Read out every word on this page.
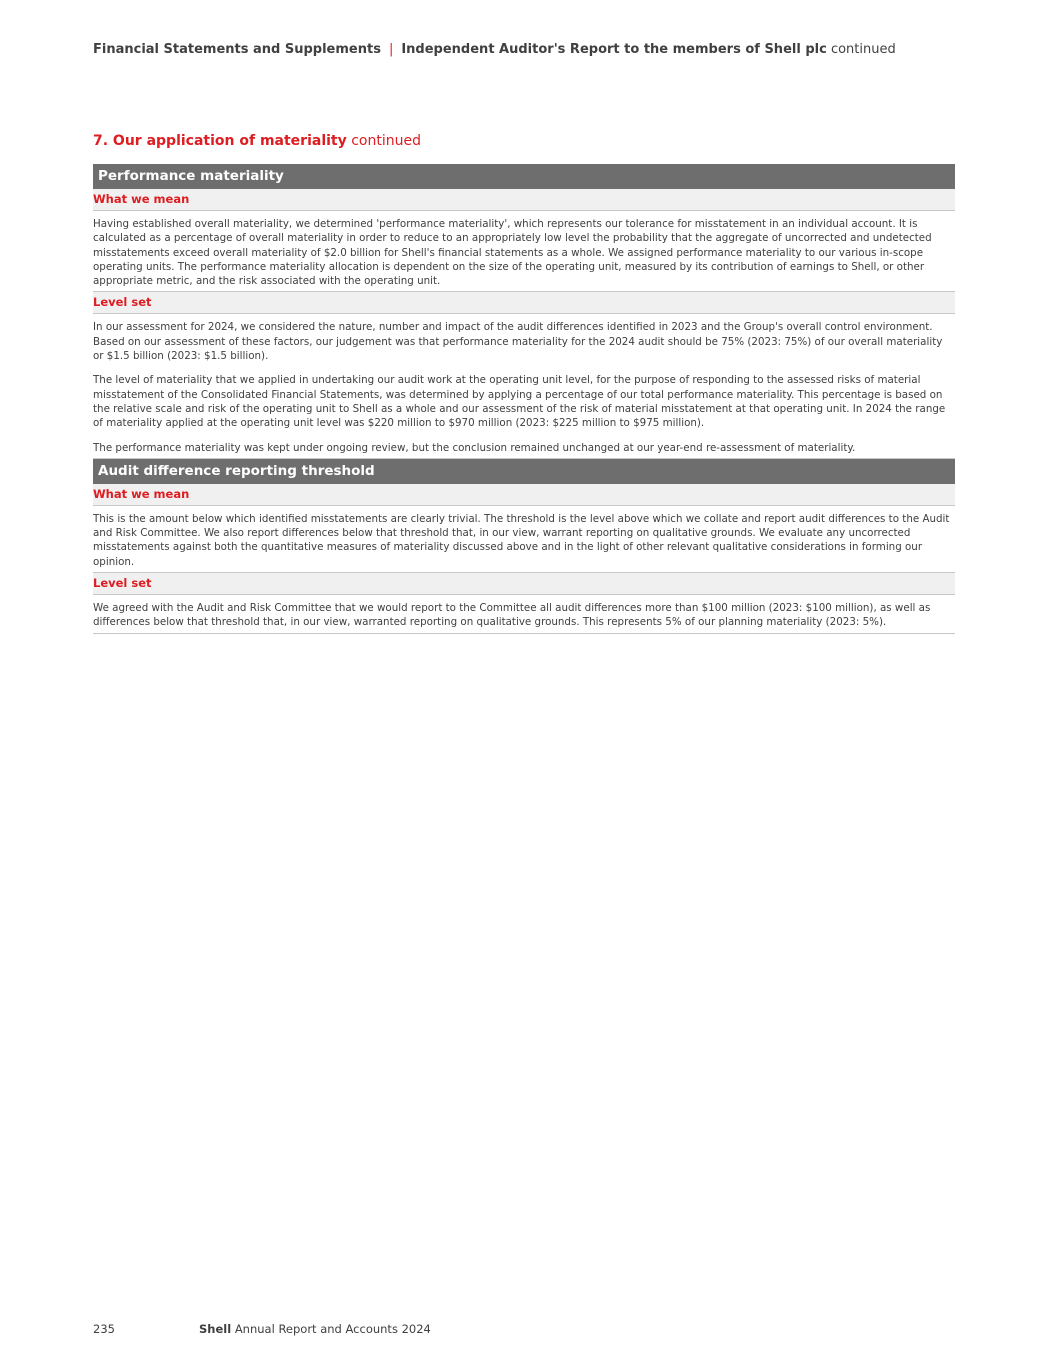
Financial Statements and Supplements | Independent Auditor's Report to the members of Shell plc continued
7. Our application of materiality continued
Performance materiality
What we mean

Having established overall materiality, we determined 'performance materiality', which represents our tolerance for misstatement in an individual account. It is calculated as a percentage of overall materiality in order to reduce to an appropriately low level the probability that the aggregate of uncorrected and undetected misstatements exceed overall materiality of $2.0 billion for Shell's financial statements as a whole. We assigned performance materiality to our various in-scope operating units. The performance materiality allocation is dependent on the size of the operating unit, measured by its contribution of earnings to Shell, or other appropriate metric, and the risk associated with the operating unit.

Level set

In our assessment for 2024, we considered the nature, number and impact of the audit differences identified in 2023 and the Group's overall control environment. Based on our assessment of these factors, our judgement was that performance materiality for the 2024 audit should be 75% (2023: 75%) of our overall materiality or $1.5 billion (2023: $1.5 billion).

The level of materiality that we applied in undertaking our audit work at the operating unit level, for the purpose of responding to the assessed risks of material misstatement of the Consolidated Financial Statements, was determined by applying a percentage of our total performance materiality. This percentage is based on the relative scale and risk of the operating unit to Shell as a whole and our assessment of the risk of material misstatement at that operating unit. In 2024 the range of materiality applied at the operating unit level was $220 million to $970 million (2023: $225 million to $975 million).

The performance materiality was kept under ongoing review, but the conclusion remained unchanged at our year-end re-assessment of materiality.

Audit difference reporting threshold
What we mean

This is the amount below which identified misstatements are clearly trivial. The threshold is the level above which we collate and report audit differences to the Audit and Risk Committee. We also report differences below that threshold that, in our view, warrant reporting on qualitative grounds. We evaluate any uncorrected misstatements against both the quantitative measures of materiality discussed above and in the light of other relevant qualitative considerations in forming our opinion.

Level set

We agreed with the Audit and Risk Committee that we would report to the Committee all audit differences more than $100 million (2023: $100 million), as well as differences below that threshold that, in our view, warranted reporting on qualitative grounds. This represents 5% of our planning materiality (2023: 5%).

235	Shell Annual Report and Accounts 2024
